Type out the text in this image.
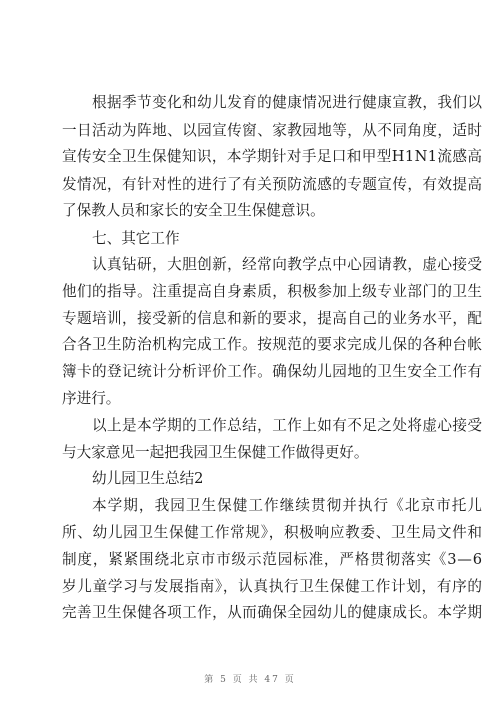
根据季节变化和幼儿发育的健康情况进行健康宣教，我们以
一日活动为阵地、以园宣传窗、家教园地等，从不同角度，适时
宣传安全卫生保健知识，本学期针对手足口和甲型H1N1流感高
发情况，有针对性的进行了有关预防流感的专题宣传，有效提高
了保教人员和家长的安全卫生保健意识。
七、其它工作
认真钻研，大胆创新，经常向教学点中心园请教，虚心接受
他们的指导。注重提高自身素质，积极参加上级专业部门的卫生
专题培训，接受新的信息和新的要求，提高自己的业务水平，配
合各卫生防治机构完成工作。按规范的要求完成儿保的各种台帐
簿卡的登记统计分析评价工作。确保幼儿园地的卫生安全工作有
序进行。
以上是本学期的工作总结，工作上如有不足之处将虚心接受
与大家意见一起把我园卫生保健工作做得更好。
幼儿园卫生总结2
本学期，我园卫生保健工作继续贯彻并执行《北京市托儿
所、幼儿园卫生保健工作常规》，积极响应教委、卫生局文件和
制度，紧紧围绕北京市市级示范园标准，严格贯彻落实《3—6
岁儿童学习与发展指南》，认真执行卫生保健工作计划，有序的
完善卫生保健各项工作，从而确保全园幼儿的健康成长。本学期
第 5 页 共 47 页
